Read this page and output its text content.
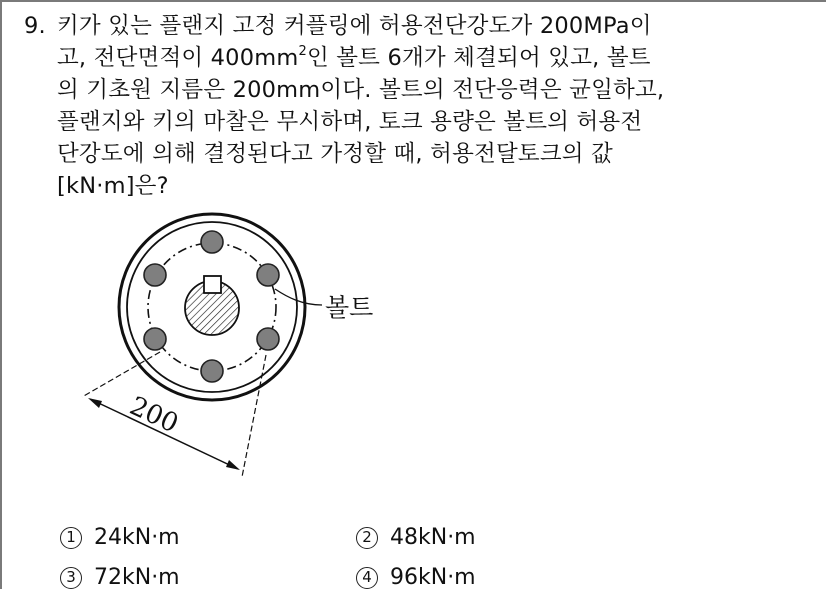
9. 키가 있는 플랜지 고정 커플링에 허용전단강도가 200MPa이
고, 전단면적이 $400mm^2$인 볼트 6개가 체결되어 있고, 볼트
의 기초원 지름은 200mm이다. 볼트의 전단응력은 균일하고,
플랜지와 키의 마찰은 무시하며, 토크 용량은 볼트의 허용전
단강도에 의해 결정된다고 가정할 때, 허용전달토크의 값
[kN·m]은?
볼트
200
1 24kN·m	2 48kN·m
3 72kN·m	4 96kN·m
